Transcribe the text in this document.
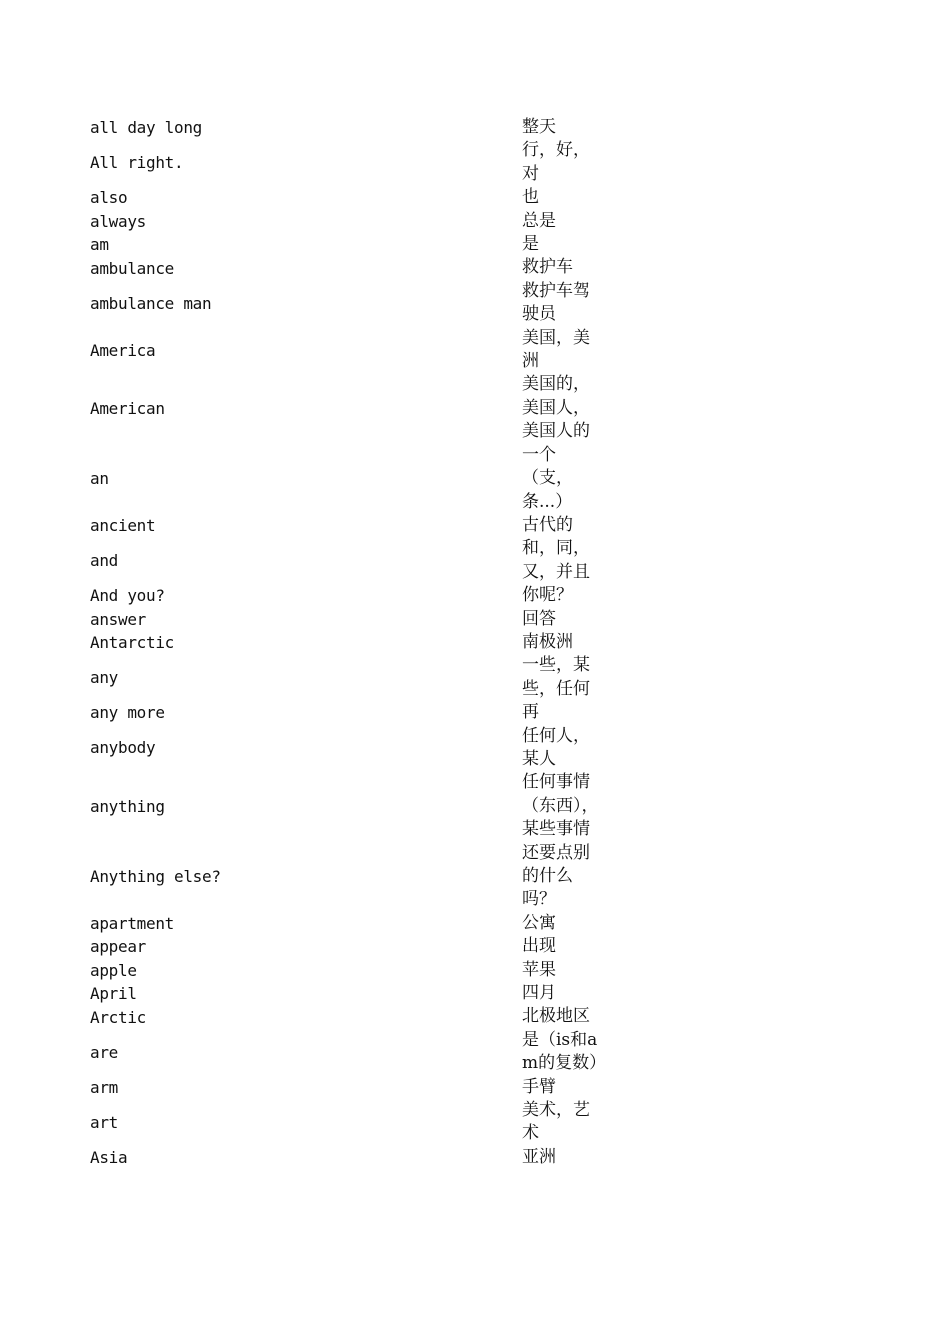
all day long	整天
All right.	行，好，对
also	也
always	总是
am	是
ambulance	救护车
ambulance man	救护车驾驶员
America	美国，美洲
American	美国的，美国人，美国人的
an	一个（支，条...）
ancient	古代的
and	和，同，又，并且
And you?	你呢？
answer	回答
Antarctic	南极洲
any	一些，某些，任何
any more	再
anybody	任何人，某人
anything	任何事情（东西），某些事情
Anything else?	还要点别的什么吗？
apartment	公寓
appear	出现
apple	苹果
April	四月
Arctic	北极地区
are	是（is和am的复数）
arm	手臂
art	美术，艺术
Asia	亚洲
